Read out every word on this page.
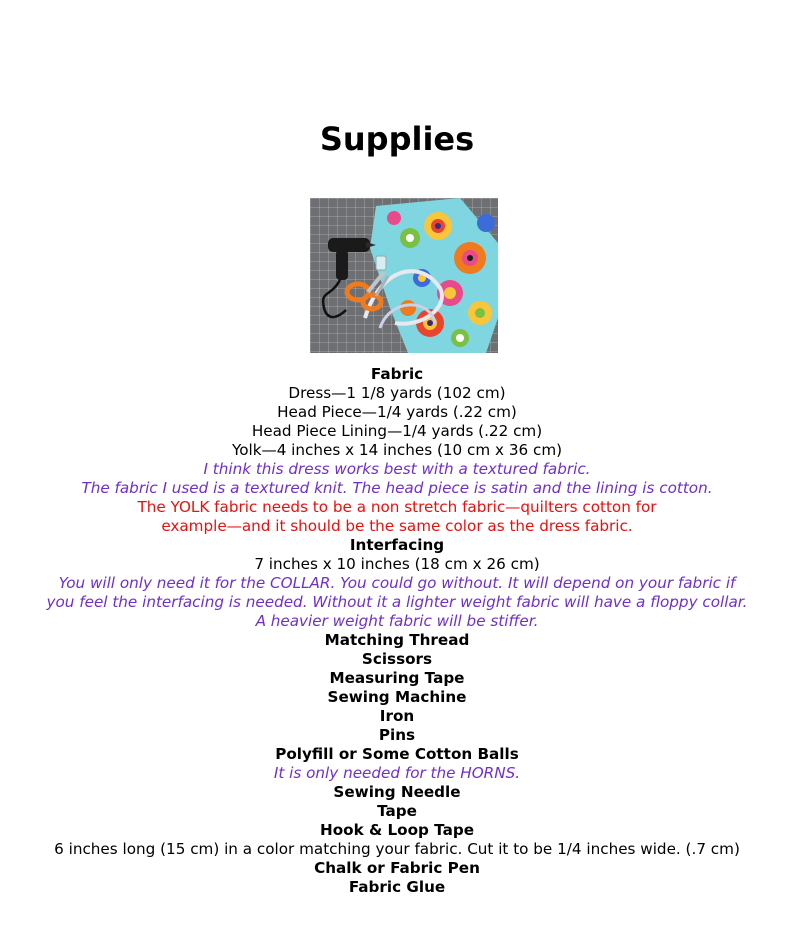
Supplies
Fabric
Dress—1 1/8 yards (102 cm)
Head Piece—1/4 yards (.22 cm)
Head Piece Lining—1/4 yards (.22 cm)
Yolk—4 inches x 14 inches (10 cm x 36 cm)
I think this dress works best with a textured fabric.
The fabric I used is a textured knit. The head piece is satin and the lining is cotton.
The YOLK fabric needs to be a non stretch fabric—quilters cotton for
example—and it should be the same color as the dress fabric.
Interfacing
7 inches x 10 inches (18 cm x 26 cm)
You will only need it for the COLLAR. You could go without. It will depend on your fabric if
you feel the interfacing is needed. Without it a lighter weight fabric will have a floppy collar.
A heavier weight fabric will be stiffer.
Matching Thread
Scissors
Measuring Tape
Sewing Machine
Iron
Pins
Polyfill or Some Cotton Balls
It is only needed for the HORNS.
Sewing Needle
Tape
Hook & Loop Tape
6 inches long (15 cm) in a color matching your fabric. Cut it to be 1/4 inches wide. (.7 cm)
Chalk or Fabric Pen
Fabric Glue
